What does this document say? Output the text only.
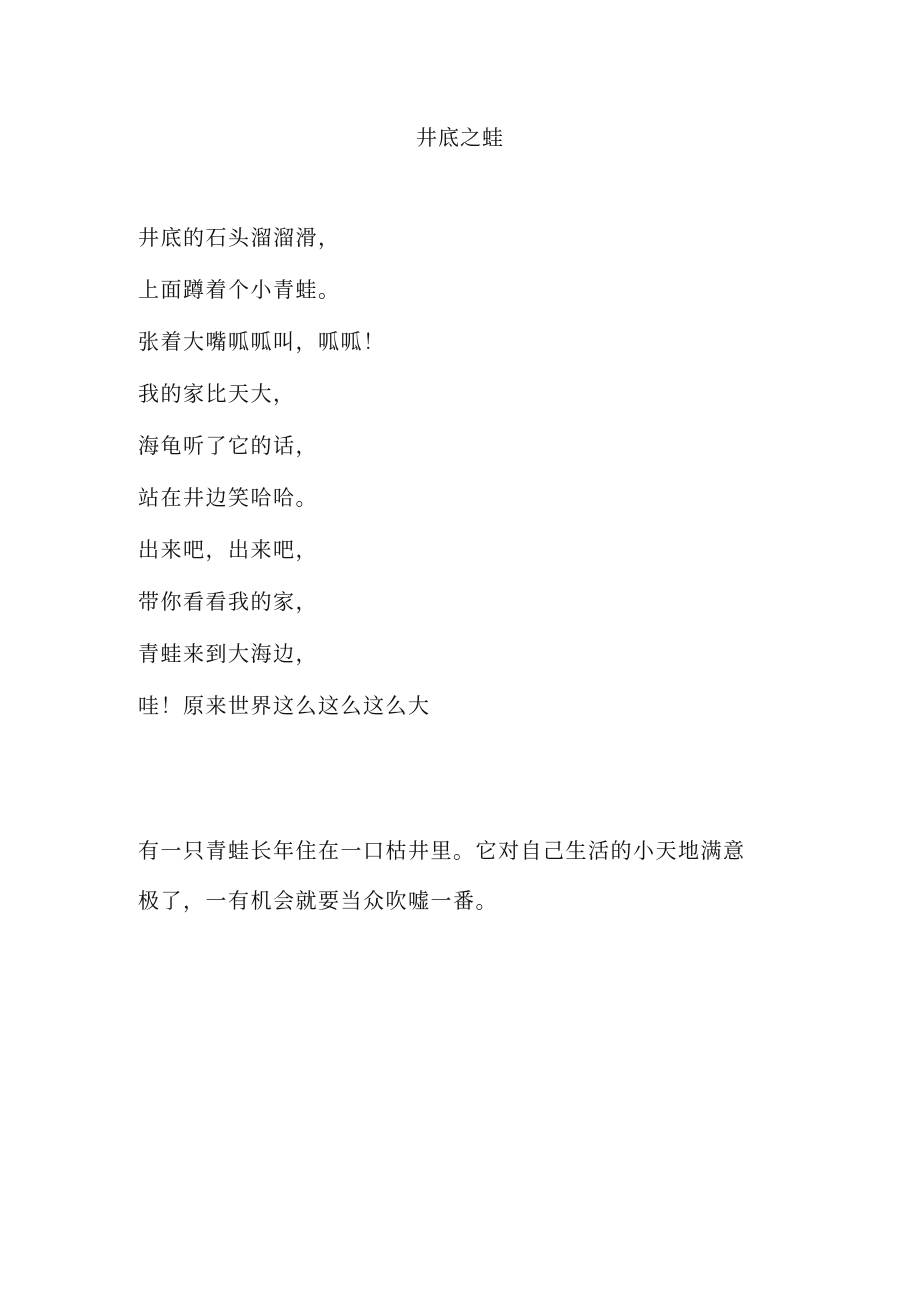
井底之蛙
井底的石头溜溜滑，
上面蹲着个小青蛙。
张着大嘴呱呱叫，呱呱！
我的家比天大，
海龟听了它的话，
站在井边笑哈哈。
出来吧，出来吧，
带你看看我的家，
青蛙来到大海边，
哇！原来世界这么这么这么大
有一只青蛙长年住在一口枯井里。它对自己生活的小天地满意
极了，一有机会就要当众吹嘘一番。
